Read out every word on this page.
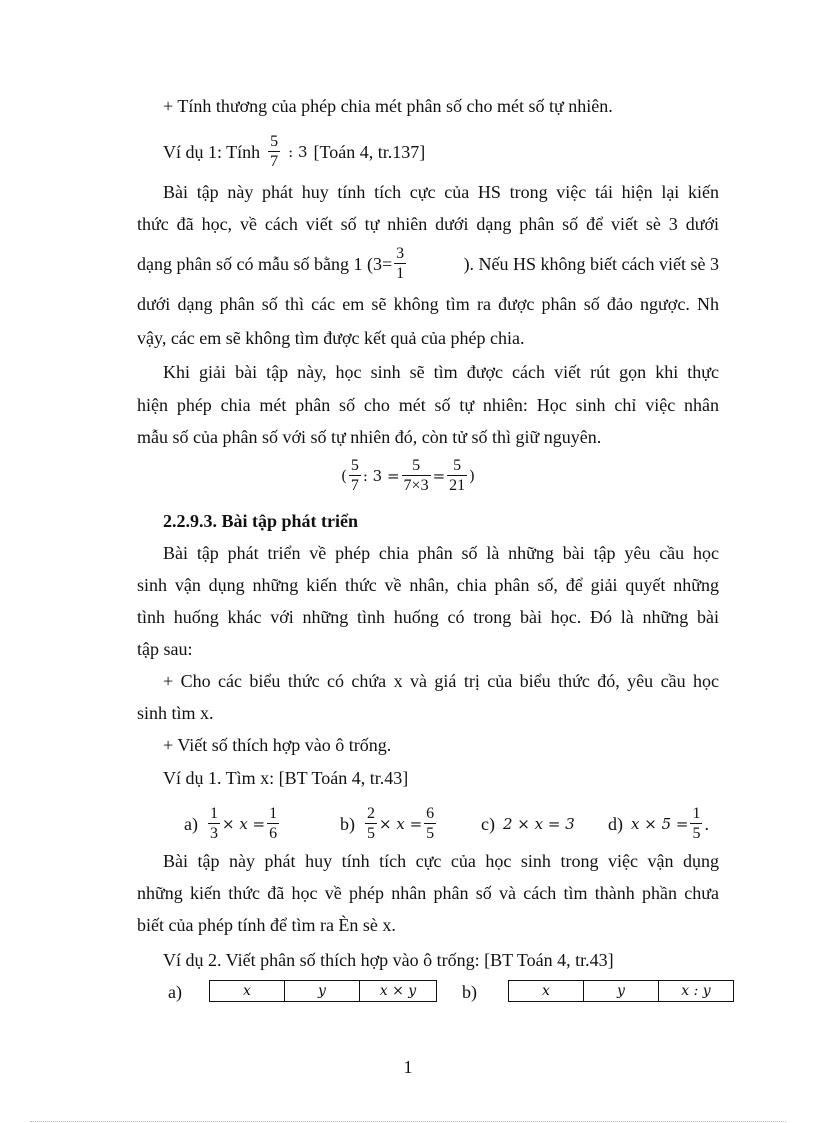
+ Tính thương của phép chia mét phân số cho mét số tự nhiên.
Ví dụ 1: Tính $\frac{5}{7}$ : 3 [Toán 4, tr.137]
Bài tập này phát huy tính tích cực của HS trong việc tái hiện lại kiến
thức đã học, về cách viết số tự nhiên dưới dạng phân số để viết sè 3 dưới
dạng phân số có mẫu số bằng 1 ($3= \frac{3}{1}$	). Nếu HS không biết cách viết sè 3
dưới dạng phân số thì các em sẽ không tìm ra được phân số đảo ngược. Nh
vậy, các em sẽ không tìm được kết quả của phép chia.
Khi giải bài tập này, học sinh sẽ tìm được cách viết rút gọn khi thực
hiện phép chia mét phân số cho mét số tự nhiên: Học sinh chỉ việc nhân
mẫu số của phân số với số tự nhiên đó, còn tử số thì giữ nguyên.
( $\frac{5}{7}$ : $3 = \frac{5}{7\times 3} = \frac{5}{21}$ )
2.2.9.3. Bài tập phát triển
Bài tập phát triển về phép chia phân số là những bài tập yêu cầu học
sinh vận dụng những kiến thức về nhân, chia phân số, để giải quyết những
tình huống khác với những tình huống có trong bài học. Đó là những bài
tập sau:
+ Cho các biểu thức có chứa x và giá trị của biểu thức đó, yêu cầu học
sinh tìm x.
+ Viết số thích hợp vào ô trống.
Ví dụ 1. Tìm x: [BT Toán 4, tr.43]
$a) \frac{1}{3} \times x = \frac{1}{6}$	$b) \frac{2}{5} \times x = \frac{6}{5} c$) 2 × x = 3 d) $x \times 5 = \frac{1}{5}$ .
Bài tập này phát huy tính tích cực của học sinh trong việc vận dụng
những kiến thức đã học về phép nhân phân số và cách tìm thành phần chưa
biết của phép tính để tìm ra Èn sè x.
Ví dụ 2. Viết phân số thích hợp vào ô trống: [BT Toán 4, tr.43]
a)	x	y	x × y	b)	x	y	x : y
1
